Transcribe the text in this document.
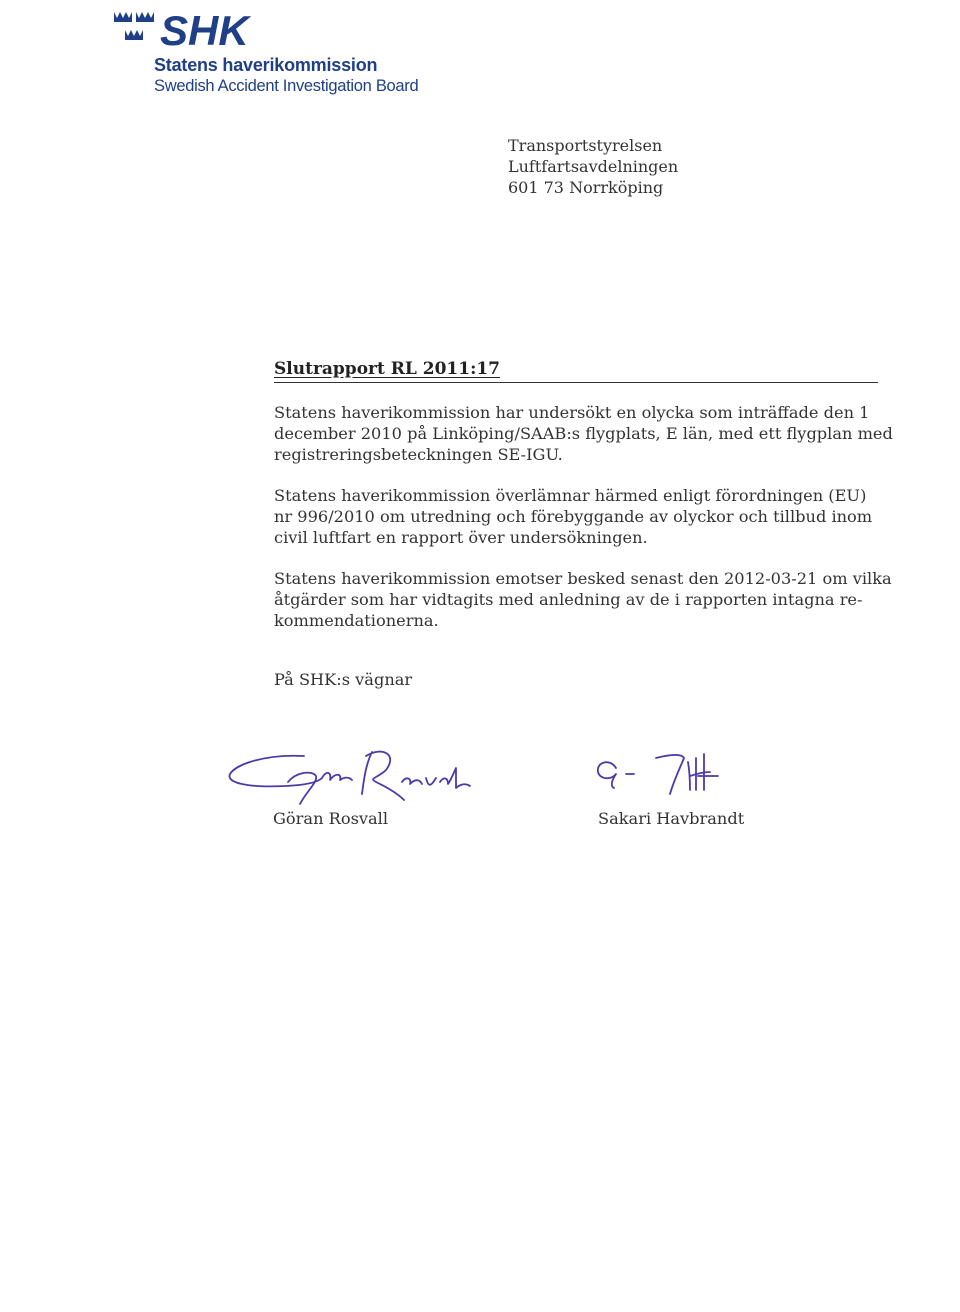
SHK
Statens haverikommission
Swedish Accident Investigation Board
Transportstyrelsen
Luftfartsavdelningen
601 73 Norrköping
Slutrapport RL 2011:17
Statens haverikommission har undersökt en olycka som inträffade den 1
december 2010 på Linköping/SAAB:s flygplats, E län, med ett flygplan med
registreringsbeteckningen SE-IGU.
Statens haverikommission överlämnar härmed enligt förordningen (EU)
nr 996/2010 om utredning och förebyggande av olyckor och tillbud inom
civil luftfart en rapport över undersökningen.
Statens haverikommission emotser besked senast den 2012-03-21 om vilka
åtgärder som har vidtagits med anledning av de i rapporten intagna re-
kommendationerna.
På SHK:s vägnar
Göran Rosvall	Sakari Havbrandt
